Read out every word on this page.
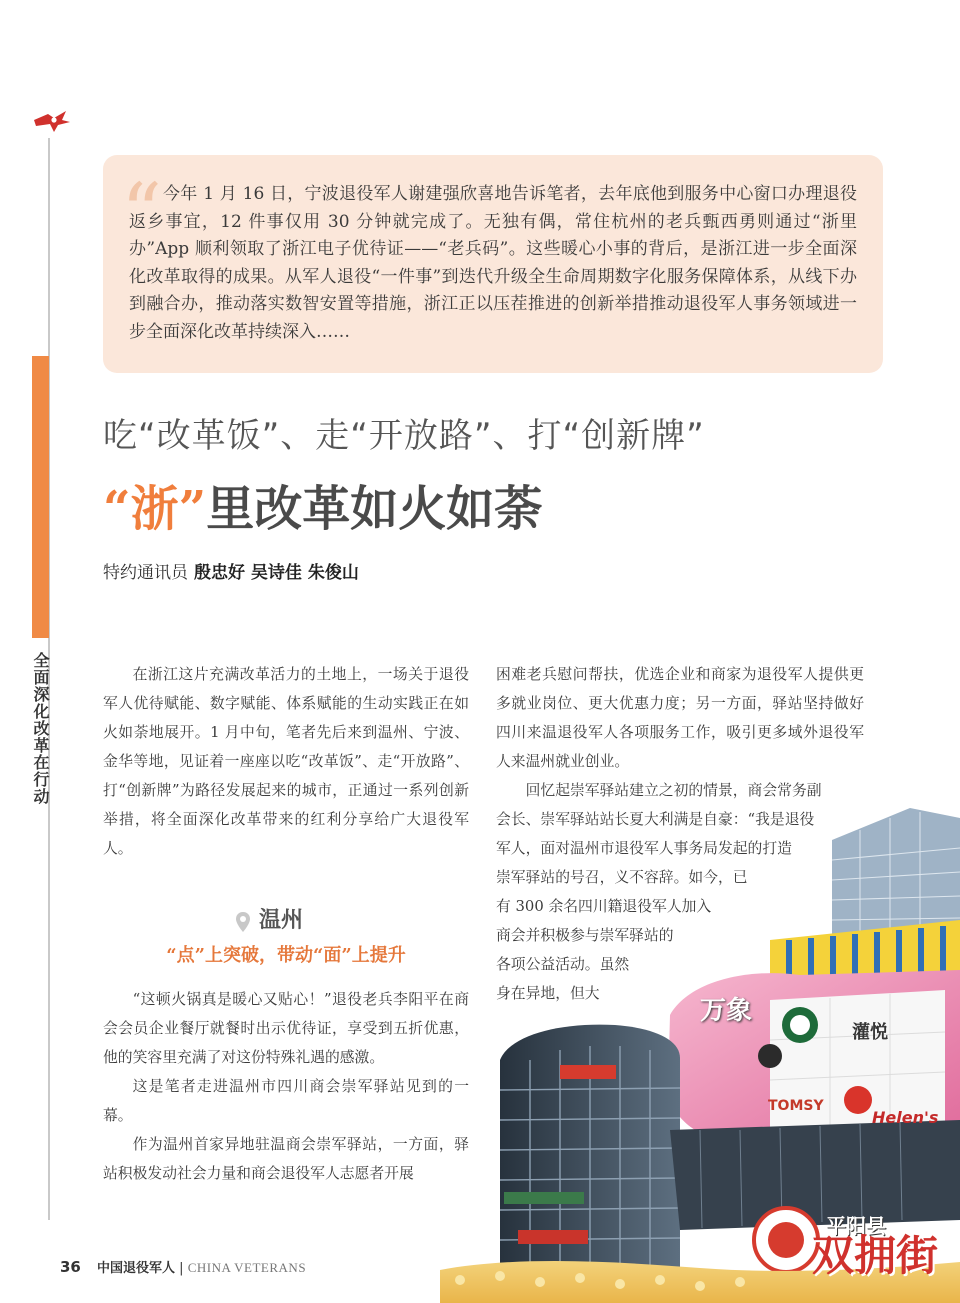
全面深化改革在行动
“ 今年 1 月 16 日，宁波退役军人谢建强欣喜地告诉笔者，去年底他到服务中心窗口办理退役返乡事宜，12 件事仅用 30 分钟就完成了。无独有偶，常住杭州的老兵甄西勇则通过“浙里办”App 顺利领取了浙江电子优待证——“老兵码”。这些暖心小事的背后，是浙江进一步全面深化改革取得的成果。从军人退役“一件事”到迭代升级全生命周期数字化服务保障体系，从线下办到融合办，推动落实数智安置等措施，浙江正以压茬推进的创新举措推动退役军人事务领域进一步全面深化改革持续深入……

吃“改革饭”、走“开放路”、打“创新牌”
“浙”里改革如火如荼
特约通讯员 殷忠好 吴诗佳 朱俊山

在浙江这片充满改革活力的土地上，一场关于退役军人优待赋能、数字赋能、体系赋能的生动实践正在如火如荼地展开。1 月中旬，笔者先后来到温州、宁波、金华等地，见证着一座座以吃“改革饭”、走“开放路”、打“创新牌”为路径发展起来的城市，正通过一系列创新举措，将全面深化改革带来的红利分享给广大退役军人。

温州
“点”上突破，带动“面”上提升

“这顿火锅真是暖心又贴心！”退役老兵李阳平在商会会员企业餐厅就餐时出示优待证，享受到五折优惠，他的笑容里充满了对这份特殊礼遇的感激。

这是笔者走进温州市四川商会崇军驿站见到的一幕。

作为温州首家异地驻温商会崇军驿站，一方面，驿站积极发动社会力量和商会退役军人志愿者开展

困难老兵慰问帮扶，优选企业和商家为退役军人提供更多就业岗位、更大优惠力度；另一方面，驿站坚持做好四川来温退役军人各项服务工作，吸引更多域外退役军人来温州就业创业。

回忆起崇军驿站建立之初的情景，商会常务副
会长、崇军驿站站长夏大利满是自豪：“我是退役
军人，面对温州市退役军人事务局发起的打造
崇军驿站的号召，义不容辞。如今，已
有 300 余名四川籍退役军人加入
商会并积极参与崇军驿站的
各项公益活动。虽然
身在异地，但大
万象
灌悦
TOMSY
Helen's
平阳县
双拥街
36 中国退役军人 | CHINA VETERANS
